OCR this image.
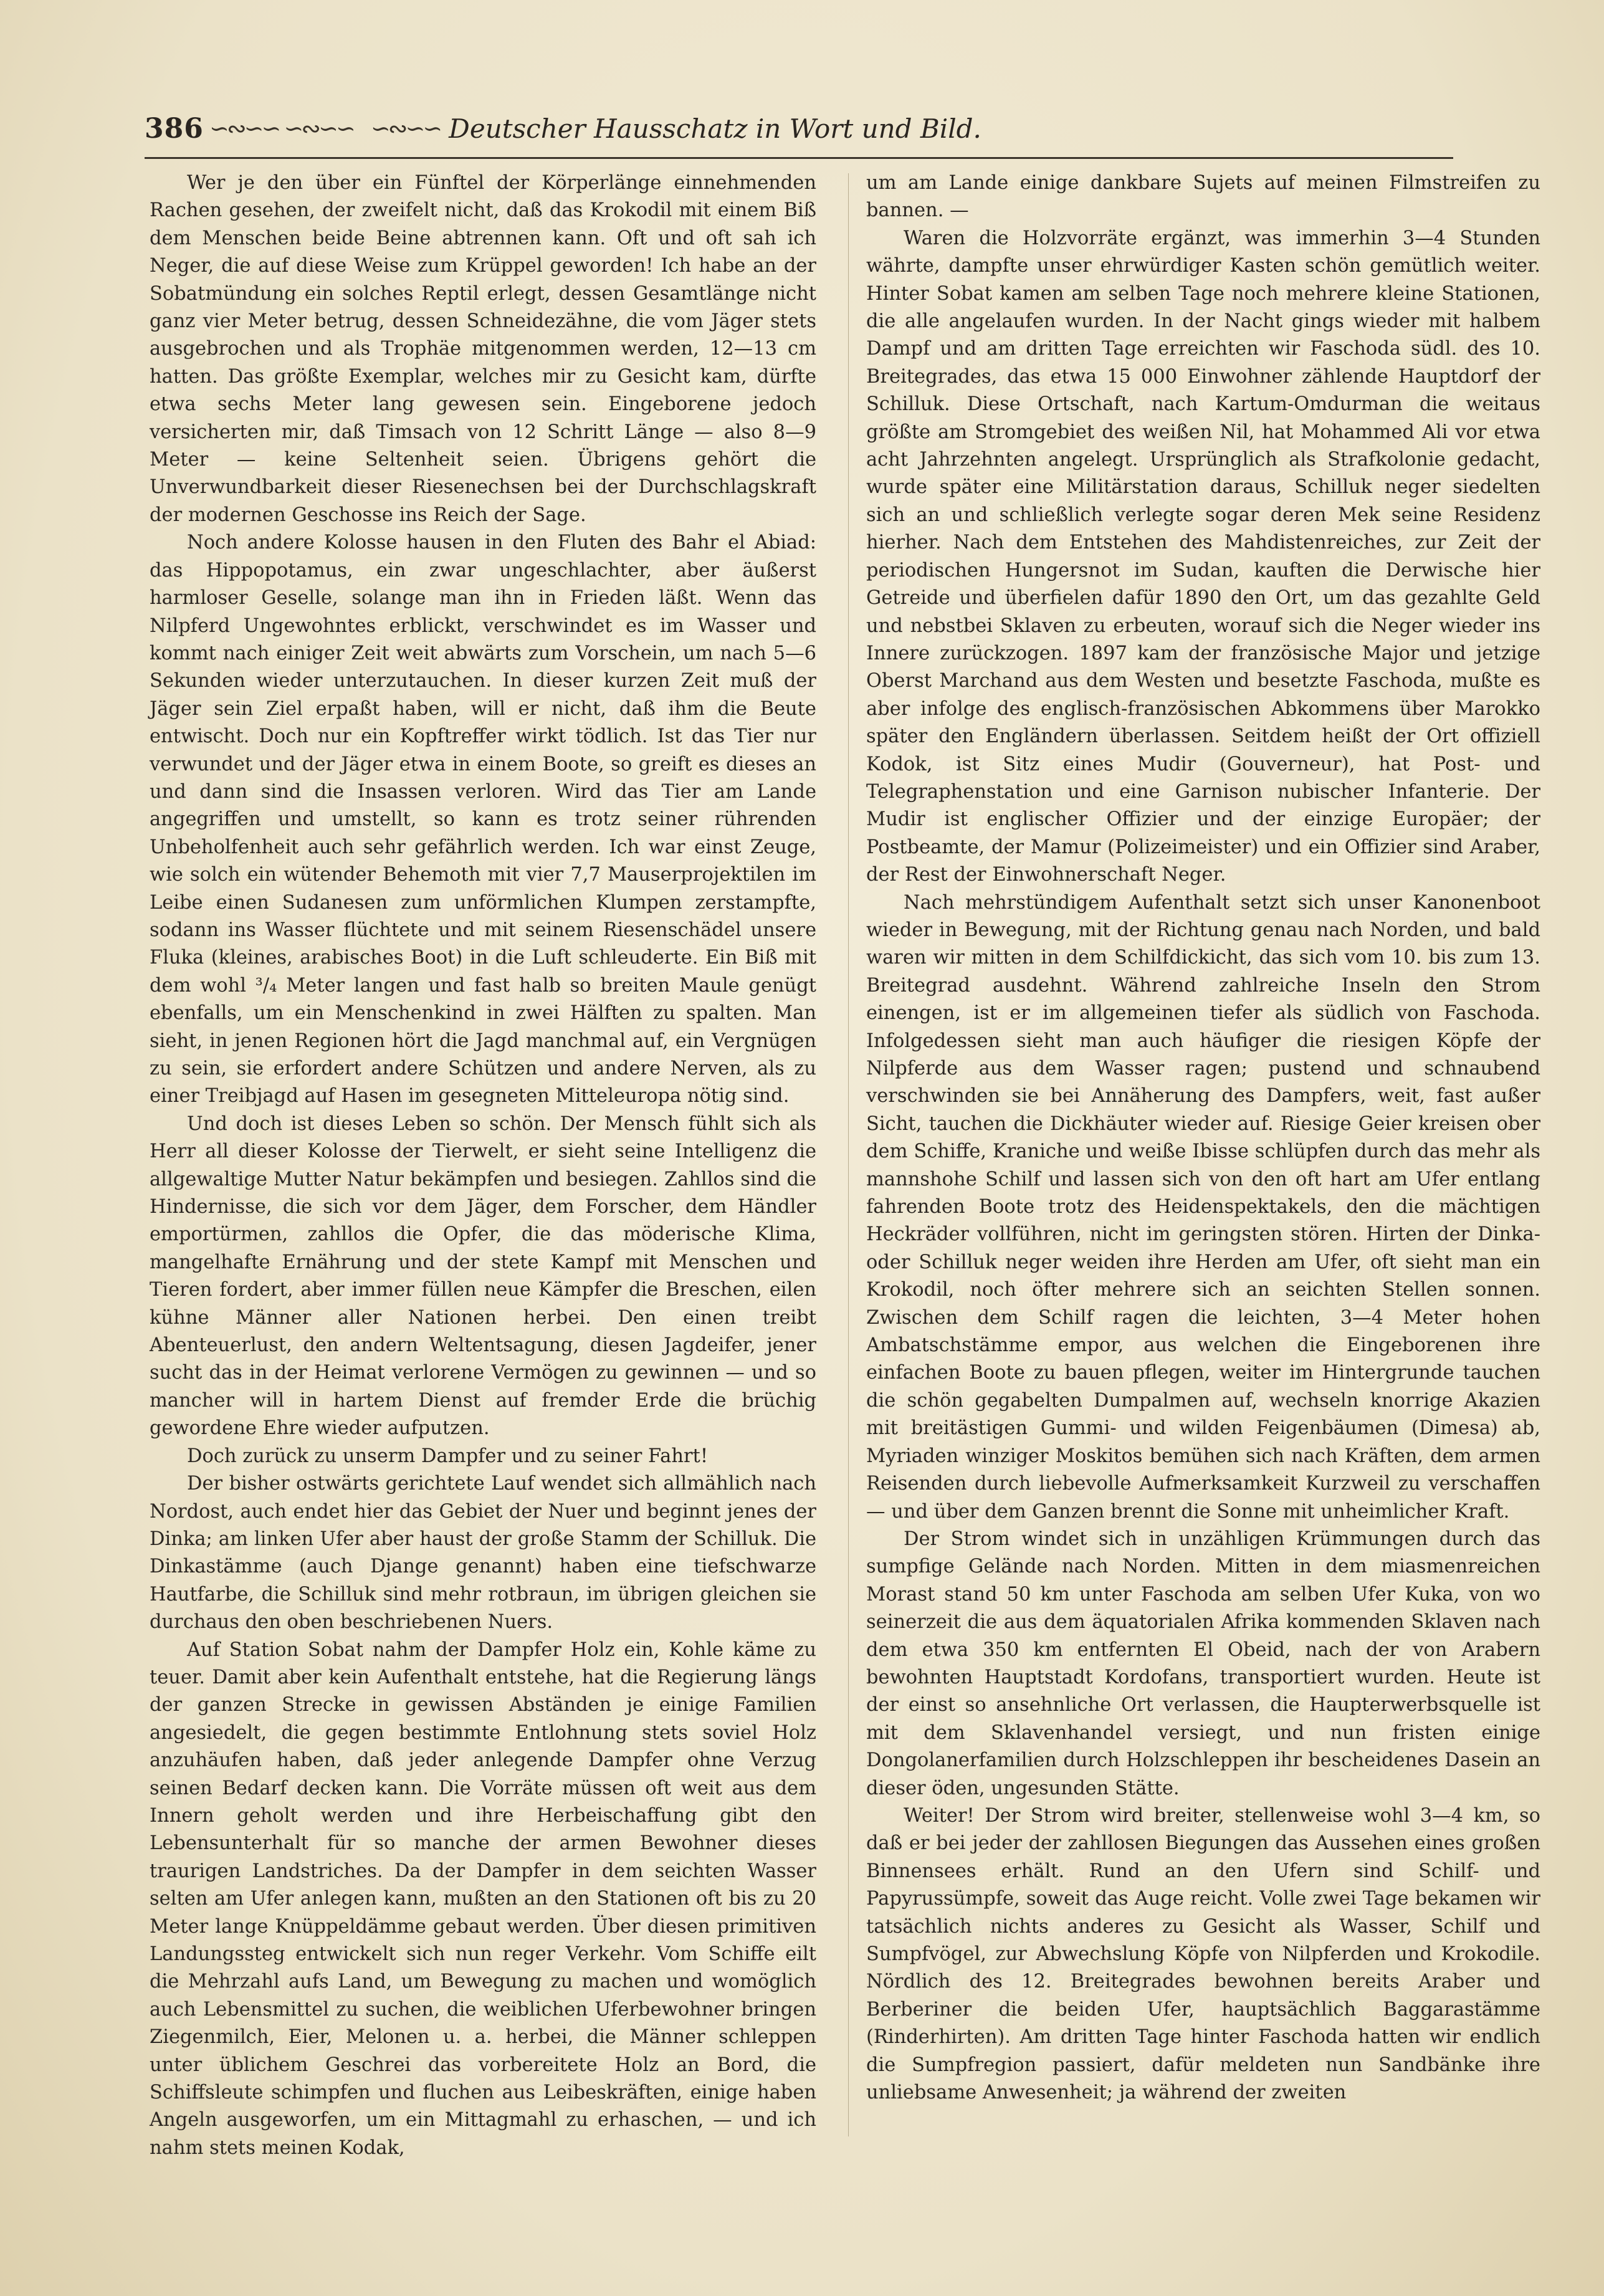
386 ∽∾∽∽ ∽∾∽∽ ∽∾∽∽ Deutscher Hausschatz in Wort und Bild.

Wer je den über ein Fünftel der Körperlänge einnehmenden Rachen gesehen, der zweifelt nicht, daß das Krokodil mit einem Biß dem Menschen beide Beine abtrennen kann. Oft und oft sah ich Neger, die auf diese Weise zum Krüppel geworden! Ich habe an der Sobatmündung ein solches Reptil erlegt, dessen Gesamtlänge nicht ganz vier Meter betrug, dessen Schneidezähne, die vom Jäger stets ausgebrochen und als Trophäe mitgenommen werden, 12—13 cm hatten. Das größte Exemplar, welches mir zu Gesicht kam, dürfte etwa sechs Meter lang gewesen sein. Eingeborene jedoch versicherten mir, daß Timsach von 12 Schritt Länge — also 8—9 Meter — keine Seltenheit seien. Übrigens gehört die Unverwundbarkeit dieser Riesenechsen bei der Durchschlagskraft der modernen Geschosse ins Reich der Sage.

Noch andere Kolosse hausen in den Fluten des Bahr el Abiad: das Hippopotamus, ein zwar ungeschlachter, aber äußerst harmloser Geselle, solange man ihn in Frieden läßt. Wenn das Nilpferd Ungewohntes erblickt, verschwindet es im Wasser und kommt nach einiger Zeit weit abwärts zum Vorschein, um nach 5—6 Sekunden wieder unterzutauchen. In dieser kurzen Zeit muß der Jäger sein Ziel erpaßt haben, will er nicht, daß ihm die Beute entwischt. Doch nur ein Kopftreffer wirkt tödlich. Ist das Tier nur verwundet und der Jäger etwa in einem Boote, so greift es dieses an und dann sind die Insassen verloren. Wird das Tier am Lande angegriffen und umstellt, so kann es trotz seiner rührenden Unbeholfenheit auch sehr gefährlich werden. Ich war einst Zeuge, wie solch ein wütender Behemoth mit vier 7,7 Mauserprojektilen im Leibe einen Sudanesen zum unförmlichen Klumpen zerstampfte, sodann ins Wasser flüchtete und mit seinem Riesenschädel unsere Fluka (kleines, arabisches Boot) in die Luft schleuderte. Ein Biß mit dem wohl ³/₄ Meter langen und fast halb so breiten Maule genügt ebenfalls, um ein Menschenkind in zwei Hälften zu spalten. Man sieht, in jenen Regionen hört die Jagd manchmal auf, ein Vergnügen zu sein, sie erfordert andere Schützen und andere Nerven, als zu einer Treibjagd auf Hasen im gesegneten Mitteleuropa nötig sind.

Und doch ist dieses Leben so schön. Der Mensch fühlt sich als Herr all dieser Kolosse der Tierwelt, er sieht seine Intelligenz die allgewaltige Mutter Natur bekämpfen und besiegen. Zahllos sind die Hindernisse, die sich vor dem Jäger, dem Forscher, dem Händler emportürmen, zahllos die Opfer, die das möderische Klima, mangelhafte Ernährung und der stete Kampf mit Menschen und Tieren fordert, aber immer füllen neue Kämpfer die Breschen, eilen kühne Männer aller Nationen herbei. Den einen treibt Abenteuerlust, den andern Weltentsagung, diesen Jagdeifer, jener sucht das in der Heimat verlorene Vermögen zu gewinnen — und so mancher will in hartem Dienst auf fremder Erde die brüchig gewordene Ehre wieder aufputzen.

Doch zurück zu unserm Dampfer und zu seiner Fahrt!

Der bisher ostwärts gerichtete Lauf wendet sich allmählich nach Nordost, auch endet hier das Gebiet der Nuer und beginnt jenes der Dinka; am linken Ufer aber haust der große Stamm der Schilluk. Die Dinkastämme (auch Djange genannt) haben eine tiefschwarze Hautfarbe, die Schilluk sind mehr rotbraun, im übrigen gleichen sie durchaus den oben beschriebenen Nuers.

Auf Station Sobat nahm der Dampfer Holz ein, Kohle käme zu teuer. Damit aber kein Aufenthalt entstehe, hat die Regierung längs der ganzen Strecke in gewissen Abständen je einige Familien angesiedelt, die gegen bestimmte Entlohnung stets soviel Holz anzuhäufen haben, daß jeder anlegende Dampfer ohne Verzug seinen Bedarf decken kann. Die Vorräte müssen oft weit aus dem Innern geholt werden und ihre Herbeischaffung gibt den Lebensunterhalt für so manche der armen Bewohner dieses traurigen Landstriches. Da der Dampfer in dem seichten Wasser selten am Ufer anlegen kann, mußten an den Stationen oft bis zu 20 Meter lange Knüppeldämme gebaut werden. Über diesen primitiven Landungssteg entwickelt sich nun reger Verkehr. Vom Schiffe eilt die Mehrzahl aufs Land, um Bewegung zu machen und womöglich auch Lebensmittel zu suchen, die weiblichen Uferbewohner bringen Ziegenmilch, Eier, Melonen u. a. herbei, die Männer schleppen unter üblichem Geschrei das vorbereitete Holz an Bord, die Schiffsleute schimpfen und fluchen aus Leibeskräften, einige haben Angeln ausgeworfen, um ein Mittagmahl zu erhaschen, — und ich nahm stets meinen Kodak,

um am Lande einige dankbare Sujets auf meinen Filmstreifen zu bannen. —

Waren die Holzvorräte ergänzt, was immerhin 3—4 Stunden währte, dampfte unser ehrwürdiger Kasten schön gemütlich weiter. Hinter Sobat kamen am selben Tage noch mehrere kleine Stationen, die alle angelaufen wurden. In der Nacht gings wieder mit halbem Dampf und am dritten Tage erreichten wir Faschoda südl. des 10. Breitegrades, das etwa 15 000 Einwohner zählende Hauptdorf der Schilluk. Diese Ortschaft, nach Kartum-Omdurman die weitaus größte am Stromgebiet des weißen Nil, hat Mohammed Ali vor etwa acht Jahrzehnten angelegt. Ursprünglich als Strafkolonie gedacht, wurde später eine Militärstation daraus, Schilluk neger siedelten sich an und schließlich verlegte sogar deren Mek seine Residenz hierher. Nach dem Entstehen des Mahdistenreiches, zur Zeit der periodischen Hungersnot im Sudan, kauften die Derwische hier Getreide und überfielen dafür 1890 den Ort, um das gezahlte Geld und nebstbei Sklaven zu erbeuten, worauf sich die Neger wieder ins Innere zurückzogen. 1897 kam der französische Major und jetzige Oberst Marchand aus dem Westen und besetzte Faschoda, mußte es aber infolge des englisch-französischen Abkommens über Marokko später den Engländern überlassen. Seitdem heißt der Ort offiziell Kodok, ist Sitz eines Mudir (Gouverneur), hat Post- und Telegraphenstation und eine Garnison nubischer Infanterie. Der Mudir ist englischer Offizier und der einzige Europäer; der Postbeamte, der Mamur (Polizeimeister) und ein Offizier sind Araber, der Rest der Einwohnerschaft Neger.

Nach mehrstündigem Aufenthalt setzt sich unser Kanonenboot wieder in Bewegung, mit der Richtung genau nach Norden, und bald waren wir mitten in dem Schilfdickicht, das sich vom 10. bis zum 13. Breitegrad ausdehnt. Während zahlreiche Inseln den Strom einengen, ist er im allgemeinen tiefer als südlich von Faschoda. Infolgedessen sieht man auch häufiger die riesigen Köpfe der Nilpferde aus dem Wasser ragen; pustend und schnaubend verschwinden sie bei Annäherung des Dampfers, weit, fast außer Sicht, tauchen die Dickhäuter wieder auf. Riesige Geier kreisen ober dem Schiffe, Kraniche und weiße Ibisse schlüpfen durch das mehr als mannshohe Schilf und lassen sich von den oft hart am Ufer entlang fahrenden Boote trotz des Heidenspektakels, den die mächtigen Heckräder vollführen, nicht im geringsten stören. Hirten der Dinka- oder Schilluk neger weiden ihre Herden am Ufer, oft sieht man ein Krokodil, noch öfter mehrere sich an seichten Stellen sonnen. Zwischen dem Schilf ragen die leichten, 3—4 Meter hohen Ambatschstämme empor, aus welchen die Eingeborenen ihre einfachen Boote zu bauen pflegen, weiter im Hintergrunde tauchen die schön gegabelten Dumpalmen auf, wechseln knorrige Akazien mit breitästigen Gummi- und wilden Feigenbäumen (Dimesa) ab, Myriaden winziger Moskitos bemühen sich nach Kräften, dem armen Reisenden durch liebevolle Aufmerksamkeit Kurzweil zu verschaffen — und über dem Ganzen brennt die Sonne mit unheimlicher Kraft.

Der Strom windet sich in unzähligen Krümmungen durch das sumpfige Gelände nach Norden. Mitten in dem miasmenreichen Morast stand 50 km unter Faschoda am selben Ufer Kuka, von wo seinerzeit die aus dem äquatorialen Afrika kommenden Sklaven nach dem etwa 350 km entfernten El Obeid, nach der von Arabern bewohnten Hauptstadt Kordofans, transportiert wurden. Heute ist der einst so ansehnliche Ort verlassen, die Haupterwerbsquelle ist mit dem Sklavenhandel versiegt, und nun fristen einige Dongolanerfamilien durch Holzschleppen ihr bescheidenes Dasein an dieser öden, ungesunden Stätte.

Weiter! Der Strom wird breiter, stellenweise wohl 3—4 km, so daß er bei jeder der zahllosen Biegungen das Aussehen eines großen Binnensees erhält. Rund an den Ufern sind Schilf- und Papyrussümpfe, soweit das Auge reicht. Volle zwei Tage bekamen wir tatsächlich nichts anderes zu Gesicht als Wasser, Schilf und Sumpfvögel, zur Abwechslung Köpfe von Nilpferden und Krokodile. Nördlich des 12. Breitegrades bewohnen bereits Araber und Berberiner die beiden Ufer, hauptsächlich Baggarastämme (Rinderhirten). Am dritten Tage hinter Faschoda hatten wir endlich die Sumpfregion passiert, dafür meldeten nun Sandbänke ihre unliebsame Anwesenheit; ja während der zweiten
